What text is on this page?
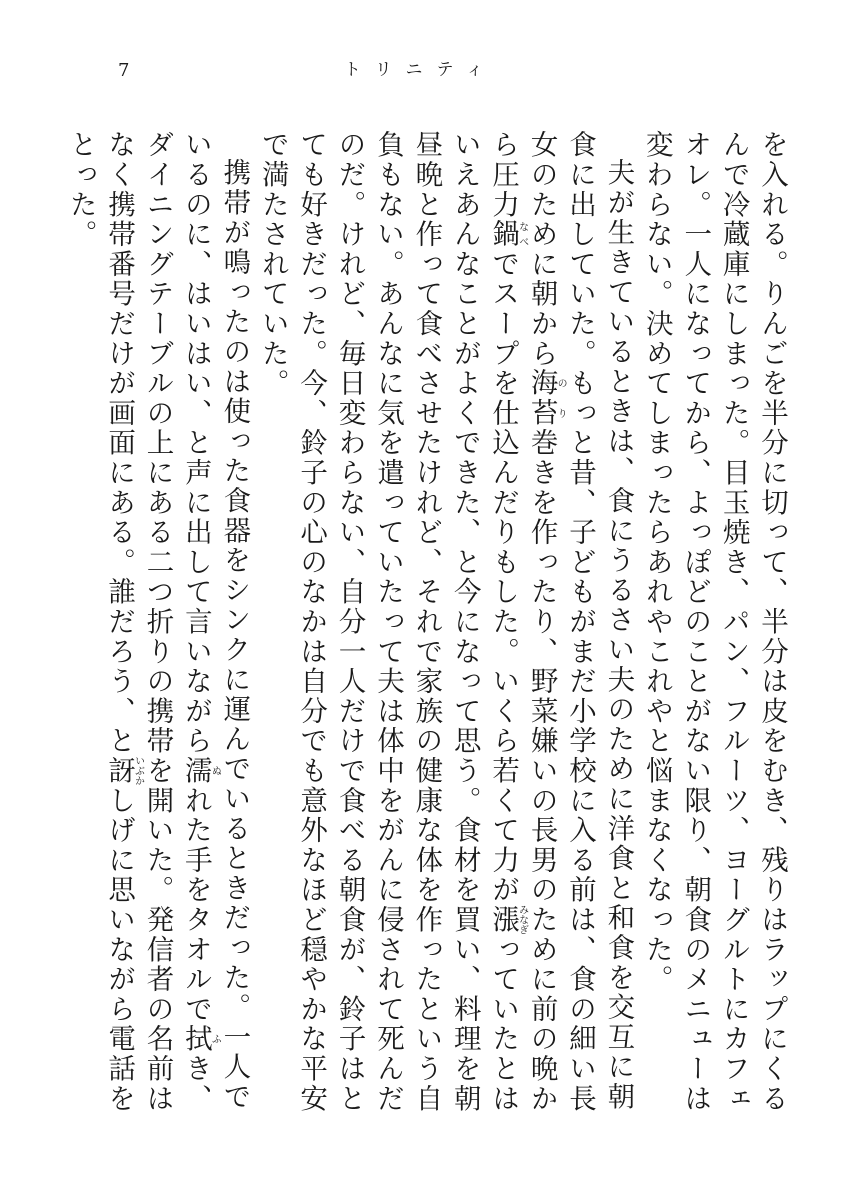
7	トリニティ

を入れる。りんごを半分に切って、半分は皮をむき、残りはラップにくるんで冷蔵庫にしまった。目玉焼き、パン、フルーツ、ヨーグルトにカフェオレ。一人になってから、よっぽどのことがない限り、朝食のメニューは変わらない。決めてしまったらあれやこれやと悩まなくなった。

夫が生きているときは、食にうるさい夫のために洋食と和食を交互に朝食に出していた。もっと昔、子どもがまだ小学校に入る前は、食の細い長女のために朝から海苔のり巻きを作ったり、野菜嫌いの長男のために前の晩から圧力鍋なべでスープを仕込んだりもした。いくら若くて力が漲みなぎっていたとはいえあんなことがよくできた、と今になって思う。食材を買い、料理を朝昼晩と作って食べさせたけれど、それで家族の健康な体を作ったという自負もない。あんなに気を遣っていたって夫は体中をがんに侵されて死んだのだ。けれど、毎日変わらない、自分一人だけで食べる朝食が、鈴子はとても好きだった。今、鈴子の心のなかは自分でも意外なほど穏やかな平安で満たされていた。

携帯が鳴ったのは使った食器をシンクに運んでいるときだった。一人でいるのに、はいはい、と声に出して言いながら濡ぬれた手をタオルで拭ふき、ダイニングテーブルの上にある二つ折りの携帯を開いた。発信者の名前はなく携帯番号だけが画面にある。誰だろう、と訝いぶかしげに思いながら電話をとった。
